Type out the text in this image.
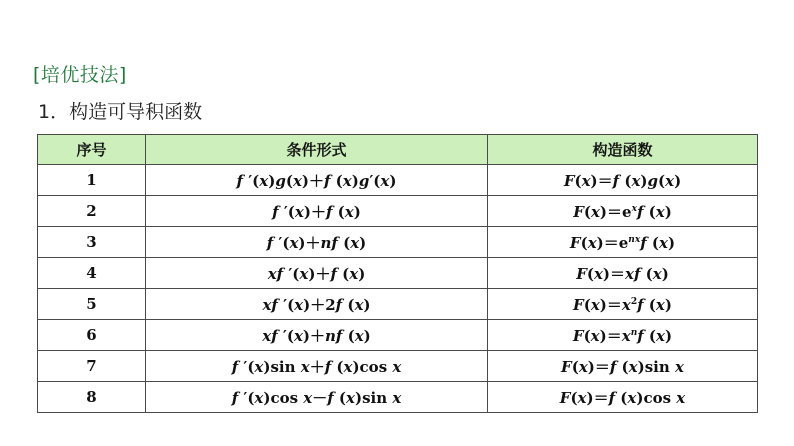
[培优技法]
1．构造可导积函数
序号	条件形式	构造函数
1	f ′(x)g(x)＋f (x)g′(x)	F(x)＝f (x)g(x)
2	f ′(x)＋f (x)	$F(x)=e^xf$ (x)
3	f ′(x)＋nf (x)	$F(x)=e^{nx}f$ (x)
4	xf ′(x)＋f (x)	F(x)＝xf (x)
5	xf ′(x)＋2f (x)	$F(x)=x^2f$ (x)
6	xf ′(x)＋nf (x)	$F(x)=x^nf$ (x)
7	f ′(x)sin x＋f (x)cos x	F(x)＝f (x)sin x
8	f ′(x)cos x－f (x)sin x	F(x)＝f (x)cos x
